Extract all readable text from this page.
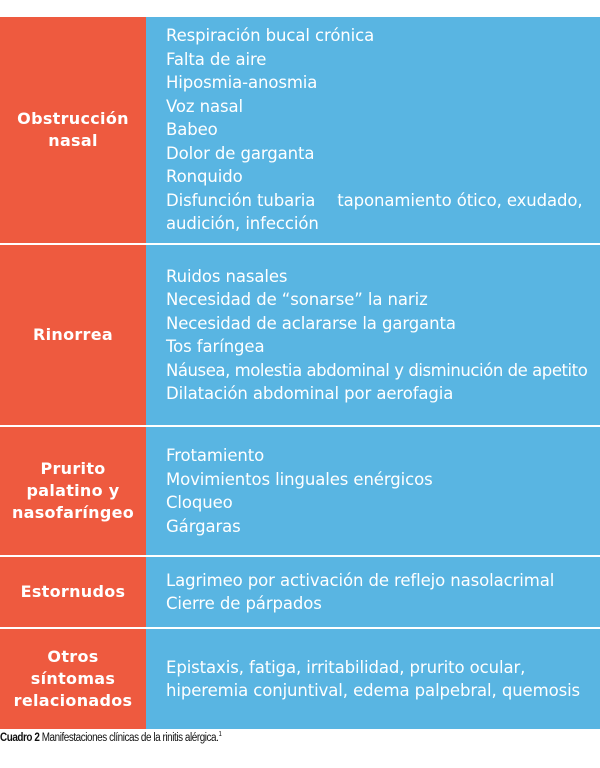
Obstrucción
nasal
Respiración bucal crónica
Falta de aire
Hiposmia-anosmia
Voz nasal
Babeo
Dolor de garganta
Ronquido
Disfunción tubaria taponamiento ótico, exudado, audición, infección
Rinorrea
Ruidos nasales
Necesidad de “sonarse” la nariz
Necesidad de aclararse la garganta
Tos faríngea
Náusea, molestia abdominal y disminución de apetito
Dilatación abdominal por aerofagia
Prurito
palatino y
nasofaríngeo
Frotamiento
Movimientos linguales enérgicos
Cloqueo
Gárgaras
Estornudos
Lagrimeo por activación de reflejo nasolacrimal
Cierre de párpados
Otros
síntomas
relacionados
Epistaxis, fatiga, irritabilidad, prurito ocular,
hiperemia conjuntival, edema palpebral, quemosis
Cuadro 2 Manifestaciones clínicas de la rinitis alérgica.$^1$
